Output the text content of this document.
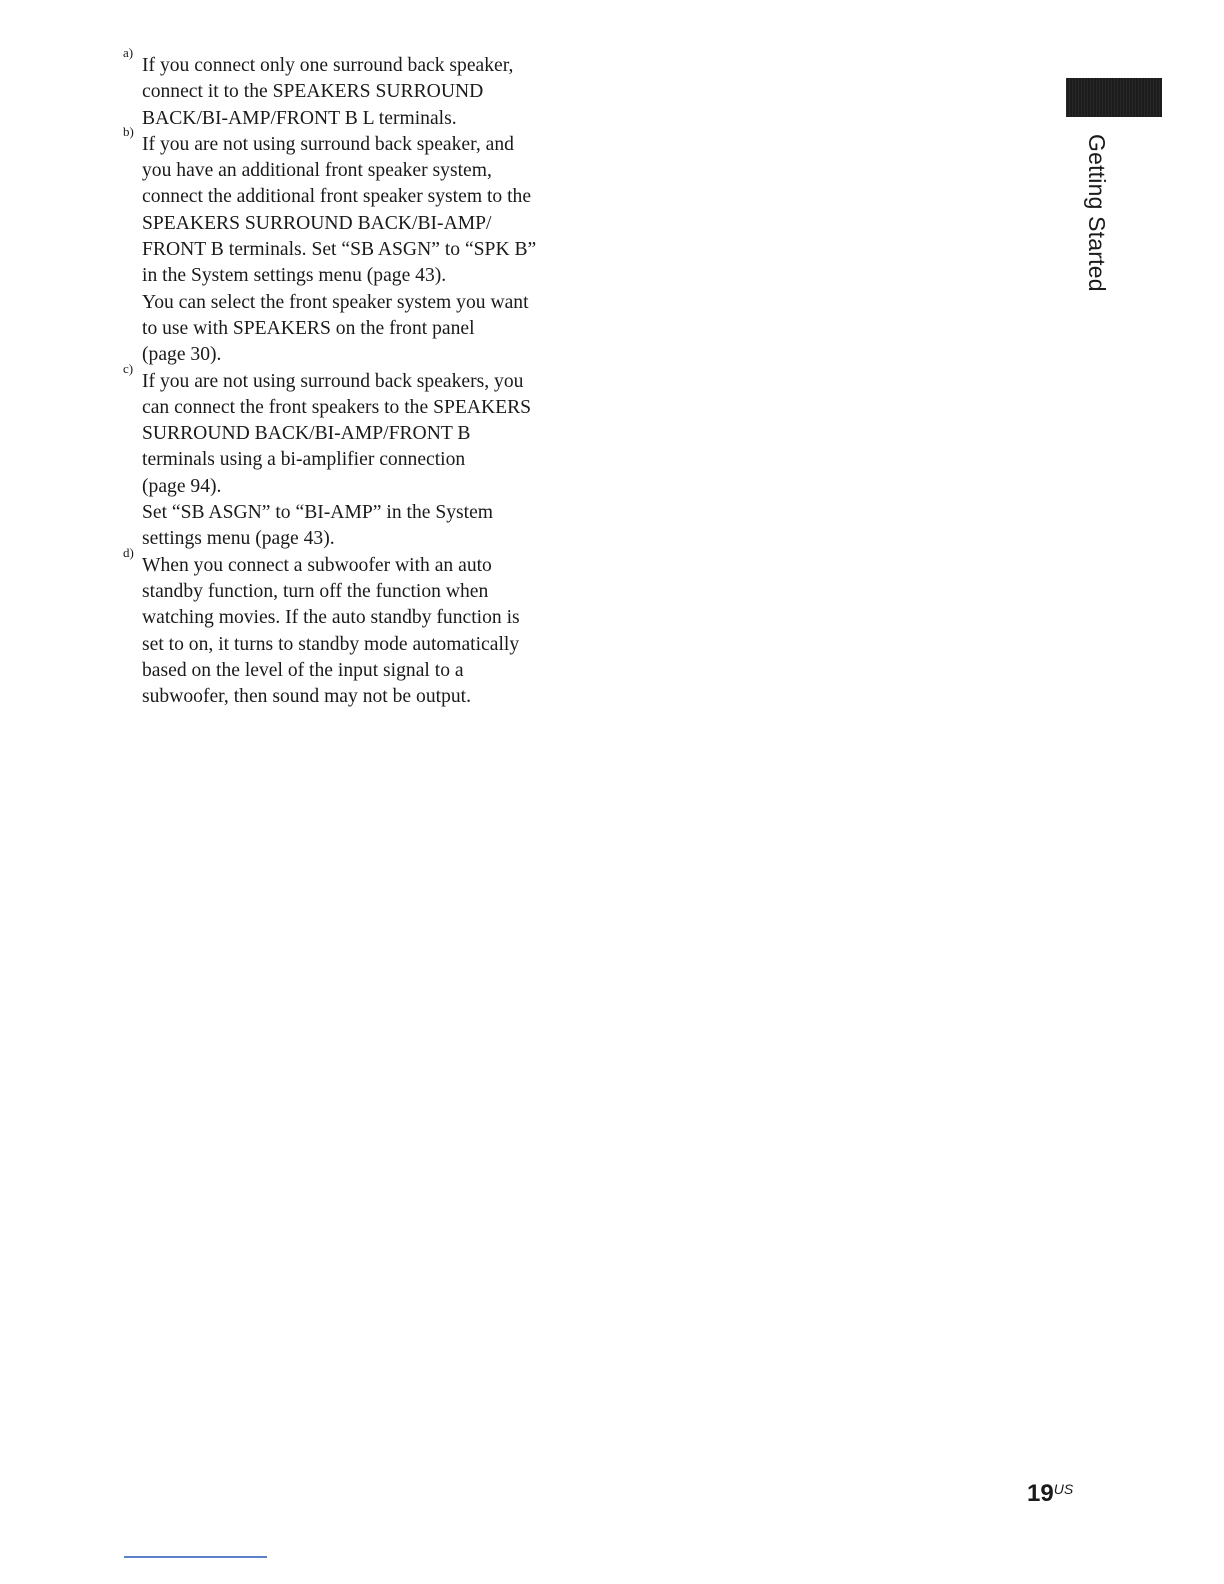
a)
If you connect only one surround back speaker,
connect it to the SPEAKERS SURROUND
BACK/BI-AMP/FRONT B L terminals.
b)
If you are not using surround back speaker, and
you have an additional front speaker system,
connect the additional front speaker system to the
SPEAKERS SURROUND BACK/BI-AMP/
FRONT B terminals. Set “SB ASGN” to “SPK B”
in the System settings menu (page 43).
You can select the front speaker system you want
to use with SPEAKERS on the front panel
(page 30).
c)
If you are not using surround back speakers, you
can connect the front speakers to the SPEAKERS
SURROUND BACK/BI-AMP/FRONT B
terminals using a bi-amplifier connection
(page 94).
Set “SB ASGN” to “BI-AMP” in the System
settings menu (page 43).
d)
When you connect a subwoofer with an auto
standby function, turn off the function when
watching movies. If the auto standby function is
set to on, it turns to standby mode automatically
based on the level of the input signal to a
subwoofer, then sound may not be output.
Getting Started
$19^{US}$
